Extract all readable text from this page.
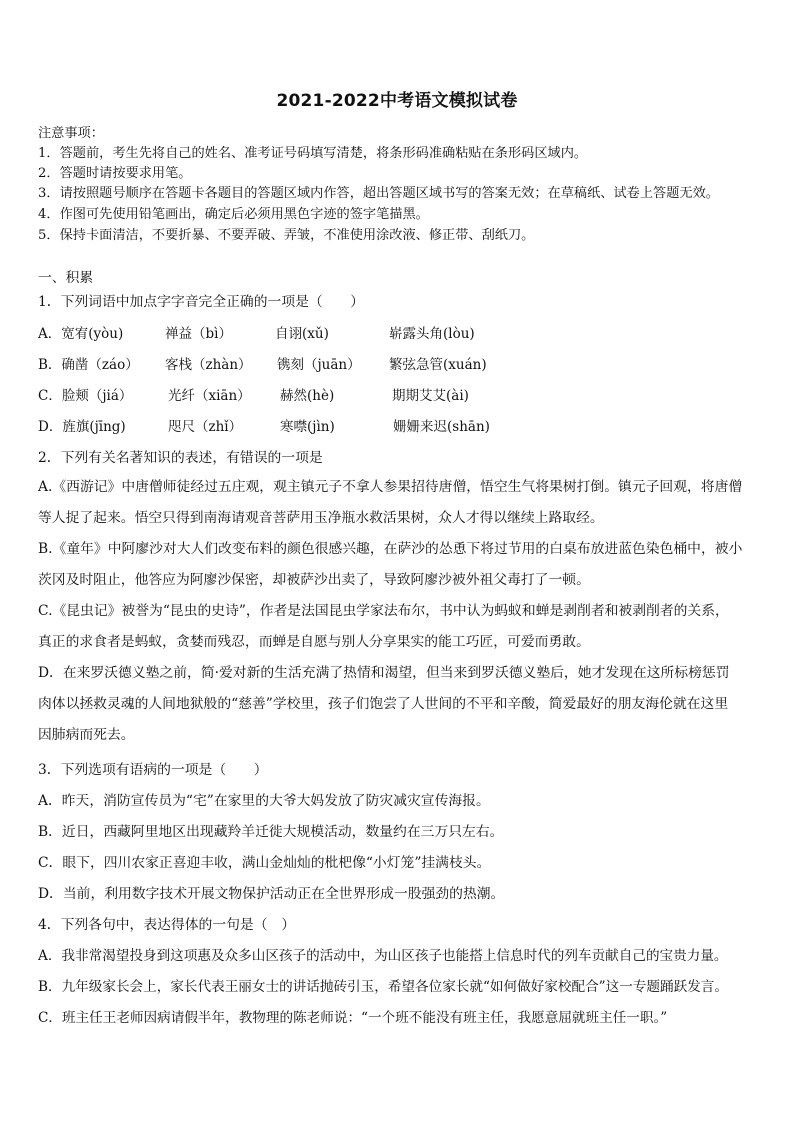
2021-2022中考语文模拟试卷
注意事项：
1．答题前，考生先将自己的姓名、准考证号码填写清楚，将条形码准确粘贴在条形码区域内。
2．答题时请按要求用笔。
3．请按照题号顺序在答题卡各题目的答题区域内作答，超出答题区域书写的答案无效；在草稿纸、试卷上答题无效。
4．作图可先使用铅笔画出，确定后必须用黑色字迹的签字笔描黑。
5．保持卡面清洁，不要折暴、不要弄破、弄皱，不准使用涂改液、修正带、刮纸刀。
一、积累
1．下列词语中加点字字音完全正确的一项是（　　）
A．宽宥(yòu)	禅益（bì）	自诩(xǔ)	崭露头角(lòu)
B．确凿（záo） 客栈（zhàn） 镌刻（juān） 繁弦急管(xuán)
C．脸颊（jiá）	光纤（xiān） 赫然(hè)	期期艾艾(ài)
D．旌旗(jīng)	咫尺（zhǐ）	寒噤(jìn)	姗姗来迟(shān)
2．下列有关名著知识的表述，有错误的一项是
A.《西游记》中唐僧师徒经过五庄观，观主镇元子不拿人参果招待唐僧，悟空生气将果树打倒。镇元子回观，将唐僧
等人捉了起来。悟空只得到南海请观音菩萨用玉净瓶水救活果树，众人才得以继续上路取经。
B.《童年》中阿廖沙对大人们改变布料的颜色很感兴趣，在萨沙的怂恿下将过节用的白桌布放进蓝色染色桶中，被小
茨冈及时阻止，他答应为阿廖沙保密，却被萨沙出卖了，导致阿廖沙被外祖父毒打了一顿。
C.《昆虫记》被誉为“昆虫的史诗”，作者是法国昆虫学家法布尔，书中认为蚂蚁和蝉是剥削者和被剥削者的关系，
真正的求食者是蚂蚁，贪婪而残忍，而蝉是自愿与别人分享果实的能工巧匠，可爱而勇敢。
D．在来罗沃德义塾之前，简·爱对新的生活充满了热情和渴望，但当来到罗沃德义塾后，她才发现在这所标榜惩罚
肉体以拯救灵魂的人间地狱般的“慈善”学校里，孩子们饱尝了人世间的不平和辛酸，简爱最好的朋友海伦就在这里
因肺病而死去。
3．下列选项有语病的一项是（　　）
A．昨天，消防宣传员为“宅”在家里的大爷大妈发放了防灾减灾宣传海报。
B．近日，西藏阿里地区出现藏羚羊迁徙大规模活动，数量约在三万只左右。
C．眼下，四川农家正喜迎丰收，满山金灿灿的枇杷像“小灯笼”挂满枝头。
D．当前，利用数字技术开展文物保护活动正在全世界形成一股强劲的热潮。
4．下列各句中，表达得体的一句是（　）
A．我非常渴望投身到这项惠及众多山区孩子的活动中，为山区孩子也能搭上信息时代的列车贡献自己的宝贵力量。
B．九年级家长会上，家长代表王丽女士的讲话抛砖引玉，希望各位家长就“如何做好家校配合”这一专题踊跃发言。
C．班主任王老师因病请假半年，教物理的陈老师说：“一个班不能没有班主任，我愿意屈就班主任一职。”
